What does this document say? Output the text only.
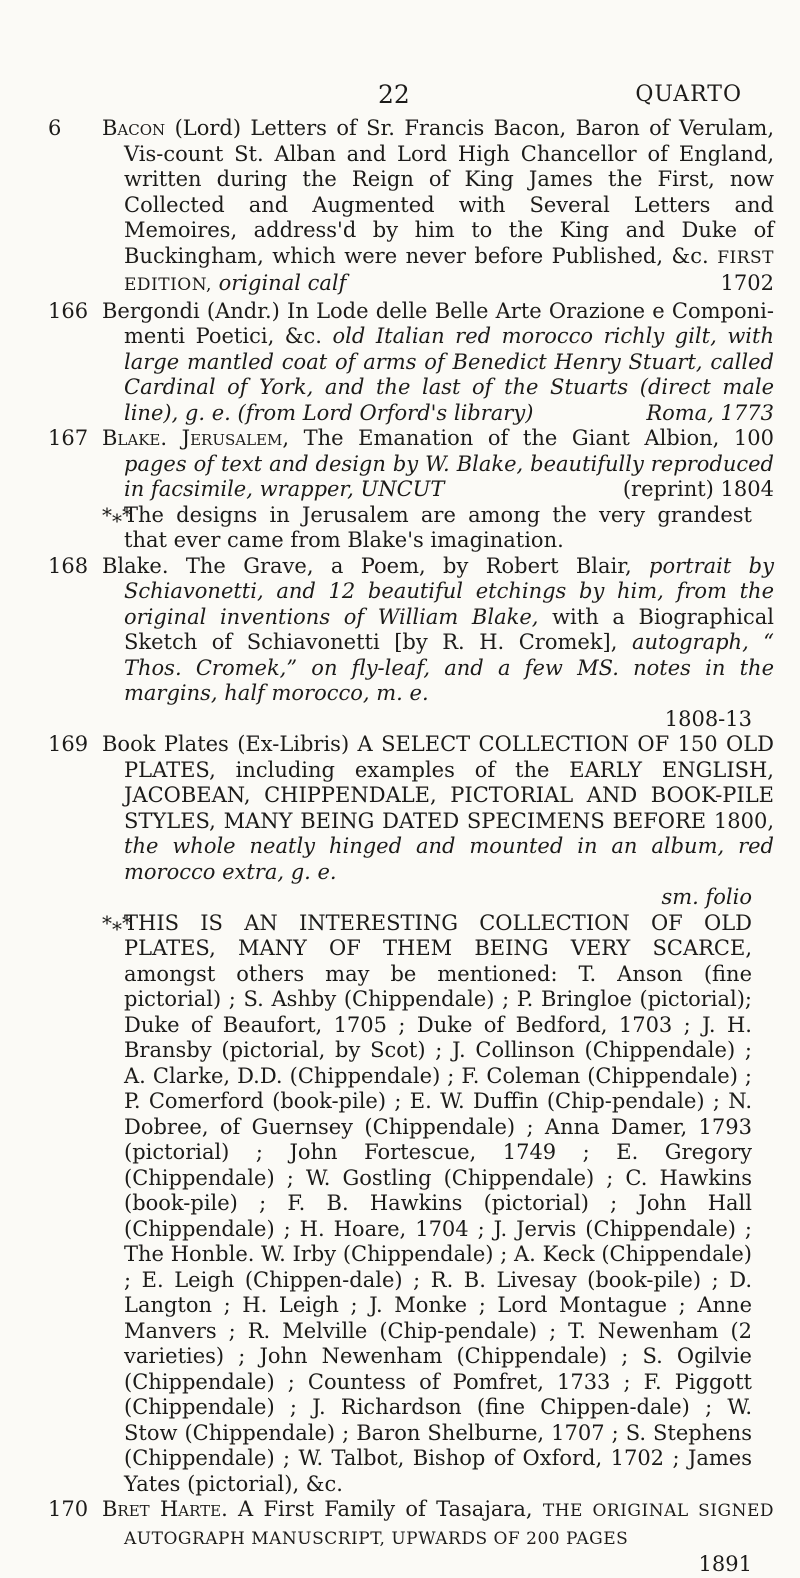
22	QUARTO
6 Bacon (Lord) Letters of Sr. Francis Bacon, Baron of Verulam, Vis-count St. Alban and Lord High Chancellor of England, written during the Reign of King James the First, now Collected and Augmented with Several Letters and Memoires, address'd by him to the King and Duke of Buckingham, which were never before Published, &c. FIRST EDITION, original calf	1702
166 Bergondi (Andr.) In Lode delle Belle Arte Orazione e Componi-menti Poetici, &c. old Italian red morocco richly gilt, with large mantled coat of arms of Benedict Henry Stuart, called Cardinal of York, and the last of the Stuarts (direct male line), g. e. (from Lord Orford's library)	Roma, 1773
167 Blake. Jerusalem, The Emanation of the Giant Albion, 100 pages of text and design by W. Blake, beautifully reproduced in facsimile, wrapper, UNCUT	(reprint) 1804
*⁎*
The designs in Jerusalem are among the very grandest that ever came from Blake's imagination.
168 Blake. The Grave, a Poem, by Robert Blair, portrait by Schiavonetti, and 12 beautiful etchings by him, from the original inventions of William Blake, with a Biographical Sketch of Schiavonetti [by R. H. Cromek], autograph, “ Thos. Cromek,” on fly-leaf, and a few MS. notes in the margins, half morocco, m. e.
1808-13
169 Book Plates (Ex-Libris) A SELECT COLLECTION OF 150 OLD PLATES, including examples of the EARLY ENGLISH, JACOBEAN, CHIPPENDALE, PICTORIAL AND BOOK-PILE STYLES, MANY BEING DATED SPECIMENS BEFORE 1800, the whole neatly hinged and mounted in an album, red morocco extra, g. e.
sm. folio
*⁎*
THIS IS AN INTERESTING COLLECTION OF OLD PLATES, MANY OF THEM BEING VERY SCARCE, amongst others may be mentioned: T. Anson (fine pictorial) ; S. Ashby (Chippendale) ; P. Bringloe (pictorial); Duke of Beaufort, 1705 ; Duke of Bedford, 1703 ; J. H. Bransby (pictorial, by Scot) ; J. Collinson (Chippendale) ; A. Clarke, D.D. (Chippendale) ; F. Coleman (Chippendale) ; P. Comerford (book-pile) ; E. W. Duffin (Chip-pendale) ; N. Dobree, of Guernsey (Chippendale) ; Anna Damer, 1793 (pictorial) ; John Fortescue, 1749 ; E. Gregory (Chippendale) ; W. Gostling (Chippendale) ; C. Hawkins (book-pile) ; F. B. Hawkins (pictorial) ; John Hall (Chippendale) ; H. Hoare, 1704 ; J. Jervis (Chippendale) ; The Honble. W. Irby (Chippendale) ; A. Keck (Chippendale) ; E. Leigh (Chippen-dale) ; R. B. Livesay (book-pile) ; D. Langton ; H. Leigh ; J. Monke ; Lord Montague ; Anne Manvers ; R. Melville (Chip-pendale) ; T. Newenham (2 varieties) ; John Newenham (Chippendale) ; S. Ogilvie (Chippendale) ; Countess of Pomfret, 1733 ; F. Piggott (Chippendale) ; J. Richardson (fine Chippen-dale) ; W. Stow (Chippendale) ; Baron Shelburne, 1707 ; S. Stephens (Chippendale) ; W. Talbot, Bishop of Oxford, 1702 ; James Yates (pictorial), &c.
170 Bret Harte. A First Family of Tasajara, THE ORIGINAL SIGNED AUTOGRAPH MANUSCRIPT, UPWARDS OF 200 PAGES
1891
